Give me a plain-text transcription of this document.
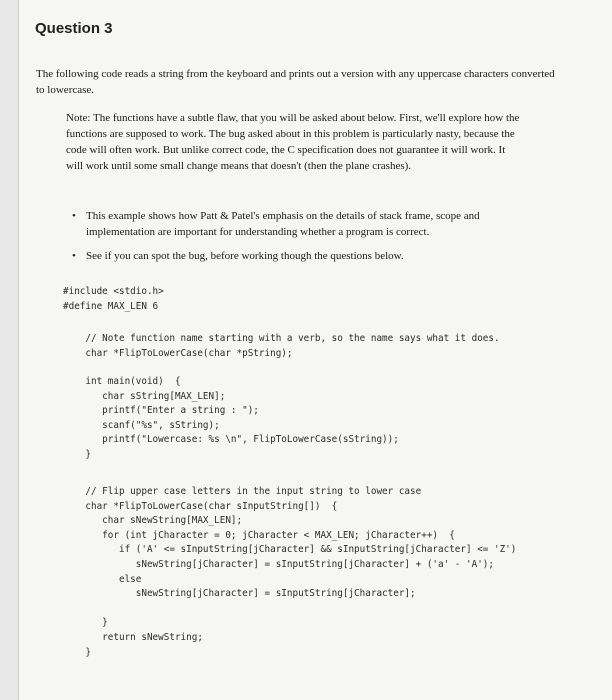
Question 3
The following code reads a string from the keyboard and prints out a version with any uppercase characters converted to lowercase.
Note: The functions have a subtle flaw, that you will be asked about below. First, we'll explore how the functions are supposed to work. The bug asked about in this problem is particularly nasty, because the code will often work. But unlike correct code, the C specification does not guarantee it will work. It will work until some small change means that doesn't (then the plane crashes).
• This example shows how Patt & Patel's emphasis on the details of stack frame, scope and implementation are important for understanding whether a program is correct.
• See if you can spot the bug, before working though the questions below.
#include <stdio.h>
#define MAX_LEN 6
// Note function name starting with a verb, so the name says what it does.
char *FlipToLowerCase(char *pString);
int main(void)  {
char sString[MAX_LEN];
printf("Enter a string : ");
scanf("%s", sString);
printf("Lowercase: %s \n", FlipToLowerCase(sString));
}
// Flip upper case letters in the input string to lower case
char *FlipToLowerCase(char sInputString[])  {
char sNewString[MAX_LEN];
for (int jCharacter = 0; jCharacter < MAX_LEN; jCharacter++)  {
if ('A' <= sInputString[jCharacter] && sInputString[jCharacter] <= 'Z')
sNewString[jCharacter] = sInputString[jCharacter] + ('a' - 'A');
else
sNewString[jCharacter] = sInputString[jCharacter];

}
return sNewString;
}
